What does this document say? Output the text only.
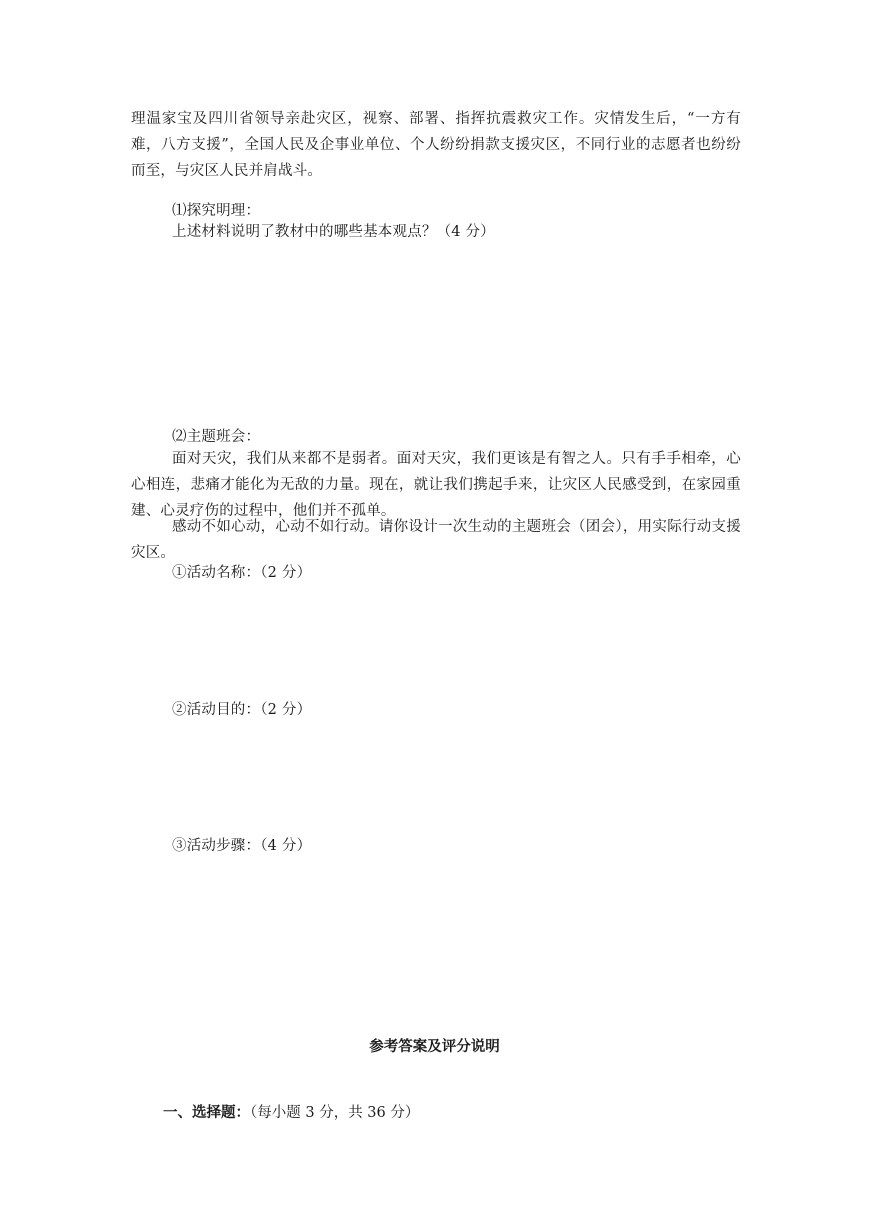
理温家宝及四川省领导亲赴灾区，视察、部署、指挥抗震救灾工作。灾情发生后，“一方有难，八方支援”，全国人民及企事业单位、个人纷纷捐款支援灾区，不同行业的志愿者也纷纷而至，与灾区人民并肩战斗。
⑴探究明理：
上述材料说明了教材中的哪些基本观点？（4 分）
⑵主题班会：
面对天灾，我们从来都不是弱者。面对天灾，我们更该是有智之人。只有手手相牵，心心相连，悲痛才能化为无敌的力量。现在，就让我们携起手来，让灾区人民感受到，在家园重建、心灵疗伤的过程中，他们并不孤单。
感动不如心动，心动不如行动。请你设计一次生动的主题班会（团会），用实际行动支援灾区。
①活动名称：（2 分）
②活动目的：（2 分）
③活动步骤：（4 分）
参考答案及评分说明
一、选择题：（每小题 3 分，共 36 分）
